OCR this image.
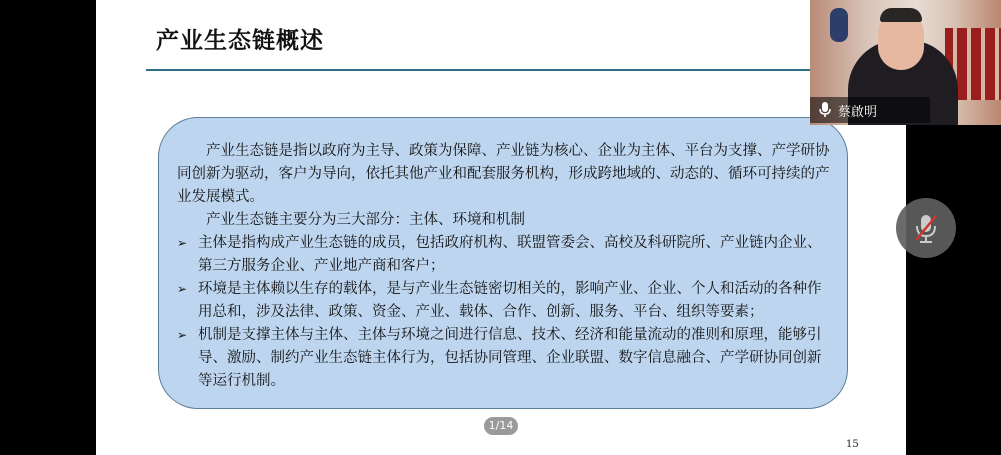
产业生态链概述

产业生态链是指以政府为主导、政策为保障、产业链为核心、企业为主体、平台为支撑、产学研协同创新为驱动，客户为导向，依托其他产业和配套服务机构，形成跨地域的、动态的、循环可持续的产业发展模式。

产业生态链主要分为三大部分：主体、环境和机制

➢ 主体是指构成产业生态链的成员，包括政府机构、联盟管委会、高校及科研院所、产业链内企业、第三方服务企业、产业地产商和客户；

➢ 环境是主体赖以生存的载体，是与产业生态链密切相关的，影响产业、企业、个人和活动的各种作用总和，涉及法律、政策、资金、产业、载体、合作、创新、服务、平台、组织等要素；

➢ 机制是支撑主体与主体、主体与环境之间进行信息、技术、经济和能量流动的准则和原理，能够引导、激励、制约产业生态链主体行为，包括协同管理、企业联盟、数字信息融合、产学研协同创新等运行机制。

15
1/14
蔡啟明
